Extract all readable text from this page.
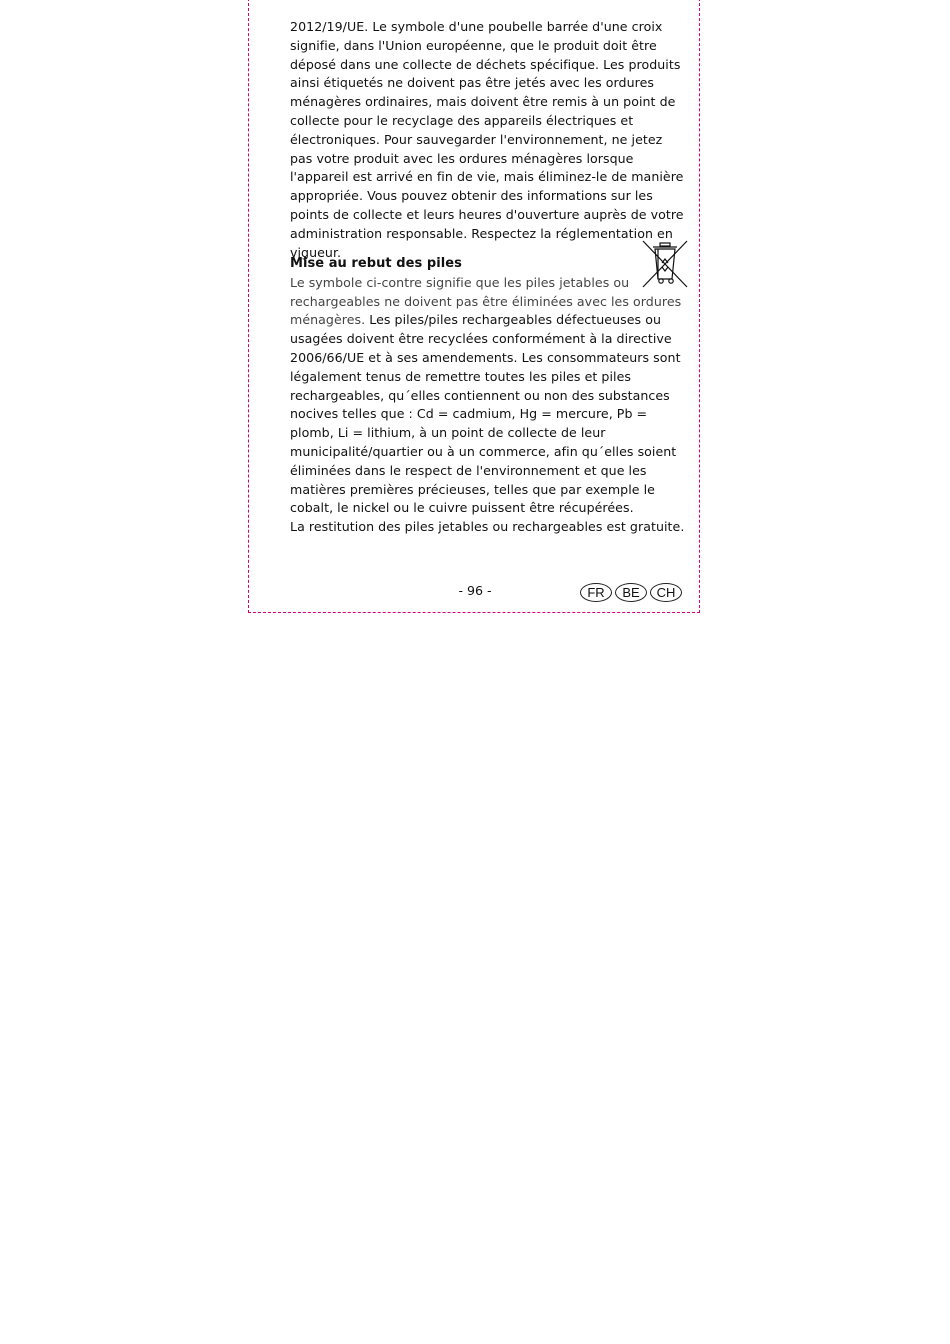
2012/19/UE. Le symbole d'une poubelle barrée d'une croix signifie, dans l'Union européenne, que le produit doit être déposé dans une collecte de déchets spécifique. Les produits ainsi étiquetés ne doivent pas être jetés avec les ordures ménagères ordinaires, mais doivent être remis à un point de collecte pour le recyclage des appareils électriques et électroniques. Pour sauvegarder l'environnement, ne jetez pas votre produit avec les ordures ménagères lorsque l'appareil est arrivé en fin de vie, mais éliminez-le de manière appropriée. Vous pouvez obtenir des informations sur les points de collecte et leurs heures d'ouverture auprès de votre administration responsable. Respectez la réglementation en vigueur.

Mise au rebut des piles

Le symbole ci-contre signifie que les piles jetables ou rechargeables ne doivent pas être éliminées avec les ordures ménagères. Les piles/piles rechargeables défectueuses ou usagées doivent être recyclées conformément à la directive 2006/66/UE et à ses amendements. Les consommateurs sont légalement tenus de remettre toutes les piles et piles rechargeables, qu´elles contiennent ou non des substances nocives telles que : Cd = cadmium, Hg = mercure, Pb = plomb, Li = lithium, à un point de collecte de leur municipalité/quartier ou à un commerce, afin qu´elles soient éliminées dans le respect de l'environnement et que les matières premières précieuses, telles que par exemple le cobalt, le nickel ou le cuivre puissent être récupérées.

La restitution des piles jetables ou rechargeables est gratuite.

- 96 -	FR	BE	CH
